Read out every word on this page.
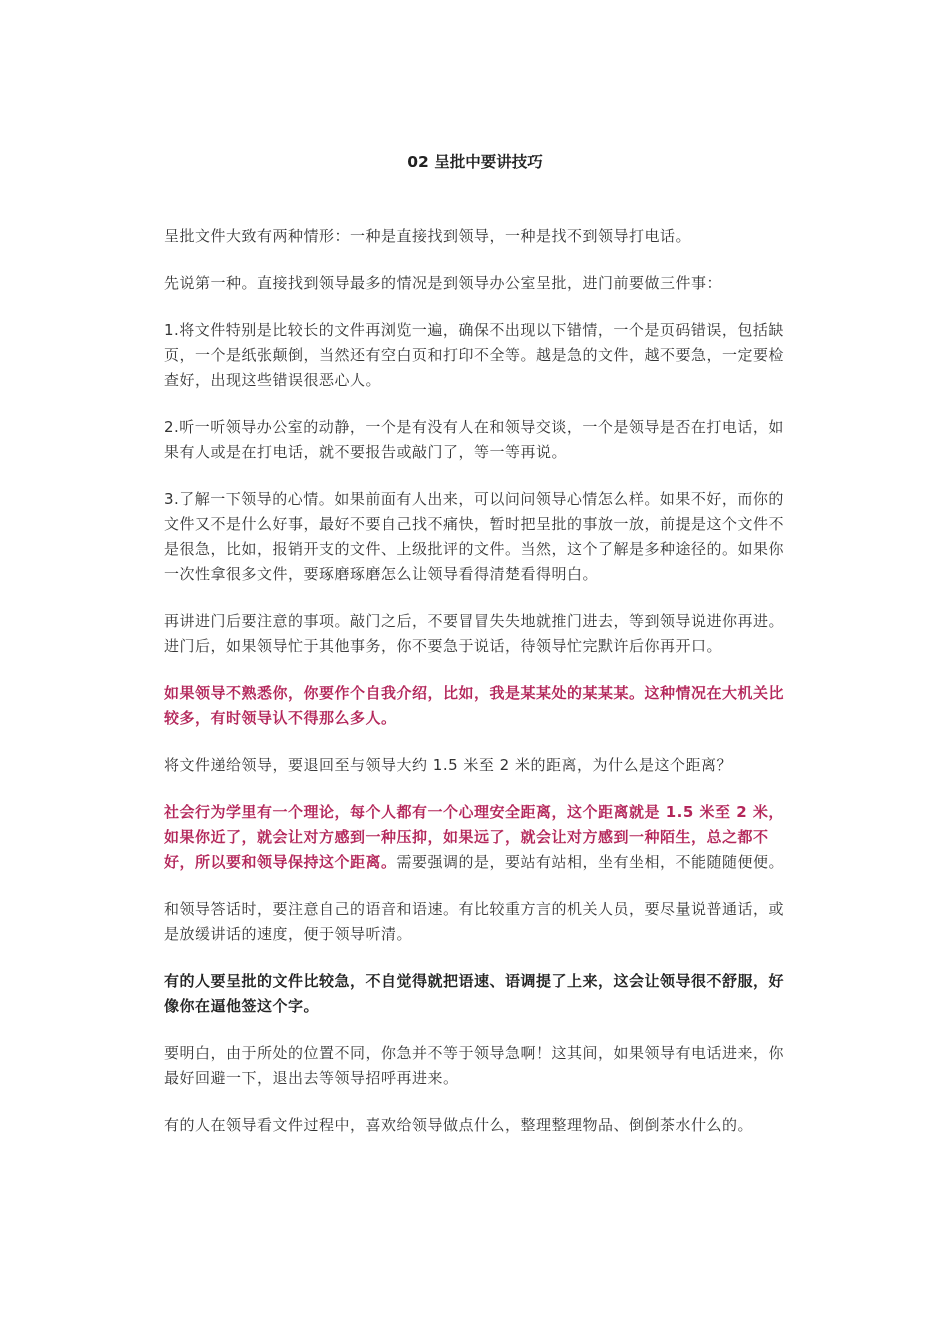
02 呈批中要讲技巧

呈批文件大致有两种情形：一种是直接找到领导，一种是找不到领导打电话。

先说第一种。直接找到领导最多的情况是到领导办公室呈批，进门前要做三件事：

1.将文件特别是比较长的文件再浏览一遍，确保不出现以下错情，一个是页码错误，包括缺页，一个是纸张颠倒，当然还有空白页和打印不全等。越是急的文件，越不要急，一定要检查好，出现这些错误很恶心人。

2.听一听领导办公室的动静，一个是有没有人在和领导交谈，一个是领导是否在打电话，如果有人或是在打电话，就不要报告或敲门了，等一等再说。

3.了解一下领导的心情。如果前面有人出来，可以问问领导心情怎么样。如果不好，而你的文件又不是什么好事，最好不要自己找不痛快，暂时把呈批的事放一放，前提是这个文件不是很急，比如，报销开支的文件、上级批评的文件。当然，这个了解是多种途径的。如果你一次性拿很多文件，要琢磨琢磨怎么让领导看得清楚看得明白。

再讲进门后要注意的事项。敲门之后，不要冒冒失失地就推门进去，等到领导说进你再进。进门后，如果领导忙于其他事务，你不要急于说话，待领导忙完默许后你再开口。

如果领导不熟悉你，你要作个自我介绍，比如，我是某某处的某某某。这种情况在大机关比较多，有时领导认不得那么多人。

将文件递给领导，要退回至与领导大约 1.5 米至 2 米的距离，为什么是这个距离？

社会行为学里有一个理论，每个人都有一个心理安全距离，这个距离就是 1.5 米至 2 米，如果你近了，就会让对方感到一种压抑，如果远了，就会让对方感到一种陌生，总之都不好，所以要和领导保持这个距离。需要强调的是，要站有站相，坐有坐相，不能随随便便。

和领导答话时，要注意自己的语音和语速。有比较重方言的机关人员，要尽量说普通话，或是放缓讲话的速度，便于领导听清。

有的人要呈批的文件比较急，不自觉得就把语速、语调提了上来，这会让领导很不舒服，好像你在逼他签这个字。

要明白，由于所处的位置不同，你急并不等于领导急啊！这其间，如果领导有电话进来，你最好回避一下，退出去等领导招呼再进来。

有的人在领导看文件过程中，喜欢给领导做点什么，整理整理物品、倒倒茶水什么的。
